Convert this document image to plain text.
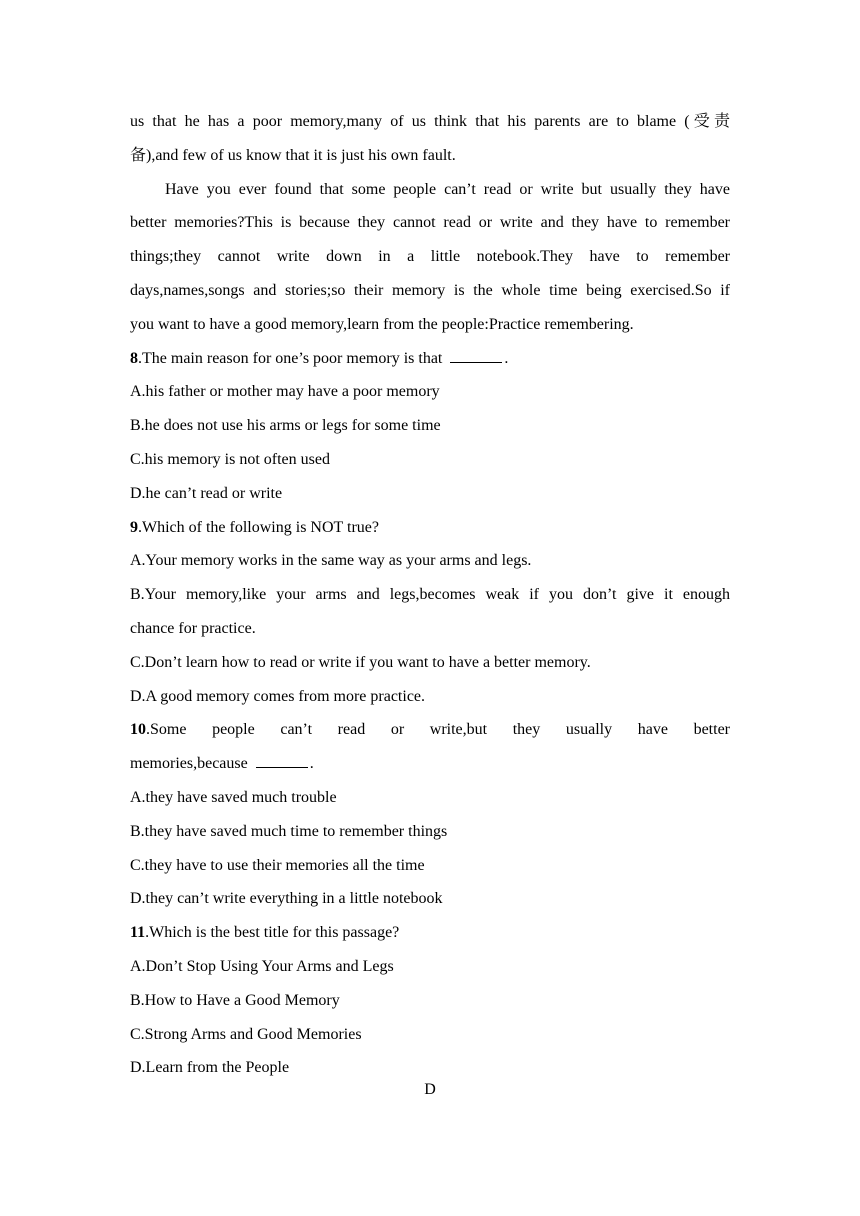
us that he has a poor memory,many of us think that his parents are to blame (受责
备),and few of us know that it is just his own fault.
Have you ever found that some people can’t read or write but usually they have
better memories?This is because they cannot read or write and they have to remember
things;they cannot write down in a little notebook.They have to remember
days,names,songs and stories;so their memory is the whole time being exercised.So if
you want to have a good memory,learn from the people:Practice remembering.
8.The main reason for one’s poor memory is that	.
A.his father or mother may have a poor memory
B.he does not use his arms or legs for some time
C.his memory is not often used
D.he can’t read or write
9.Which of the following is NOT true?
A.Your memory works in the same way as your arms and legs.
B.Your memory,like your arms and legs,becomes weak if you don’t give it enough
chance for practice.
C.Don’t learn how to read or write if you want to have a better memory.
D.A good memory comes from more practice.
10.Some people can’t read or write,but they usually have better
memories,because	.
A.they have saved much trouble
B.they have saved much time to remember things
C.they have to use their memories all the time
D.they can’t write everything in a little notebook
11.Which is the best title for this passage?
A.Don’t Stop Using Your Arms and Legs
B.How to Have a Good Memory
C.Strong Arms and Good Memories
D.Learn from the People
D
